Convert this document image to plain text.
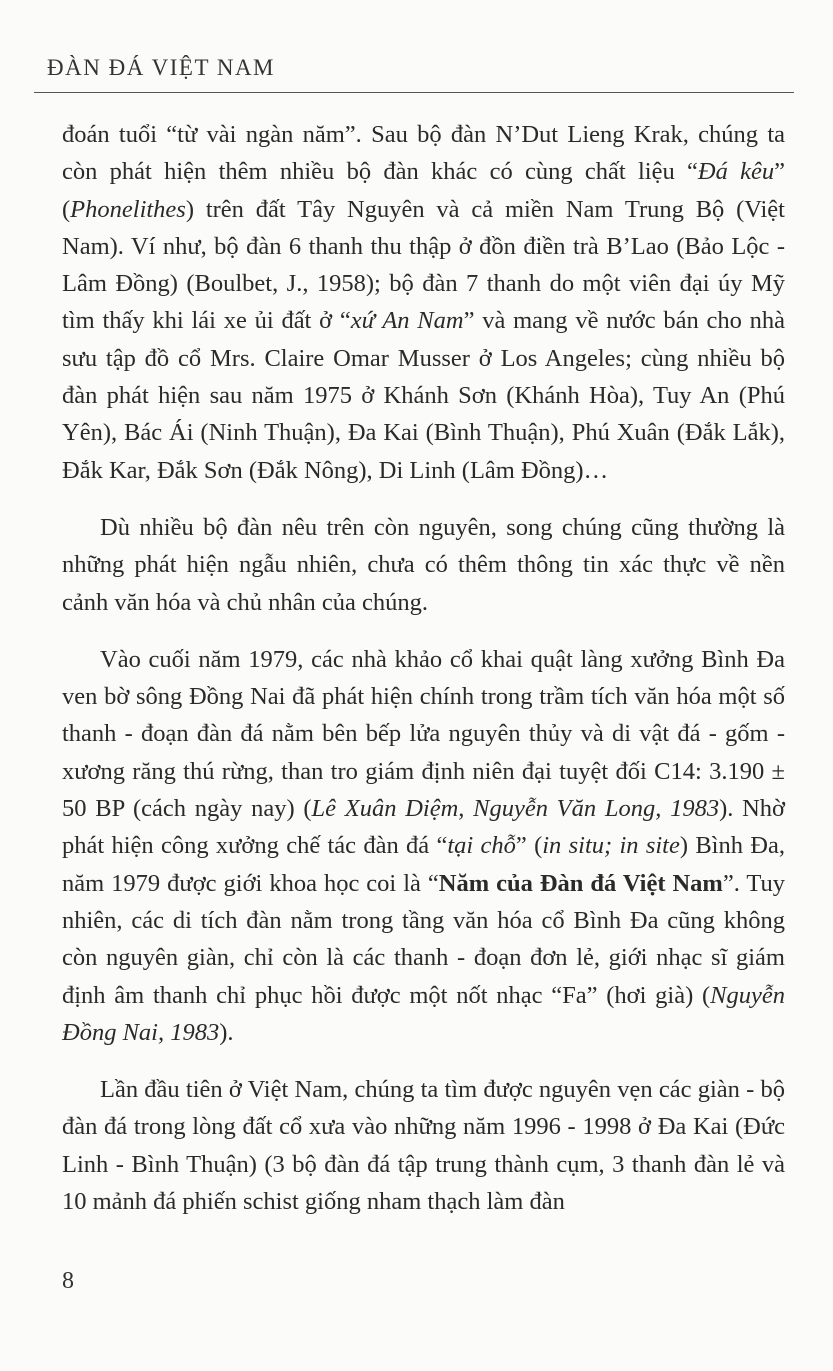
ĐÀN ĐÁ VIỆT NAM

đoán tuổi “từ vài ngàn năm”. Sau bộ đàn N’Dut Lieng Krak, chúng ta còn phát hiện thêm nhiều bộ đàn khác có cùng chất liệu “Đá kêu” (Phonelithes) trên đất Tây Nguyên và cả miền Nam Trung Bộ (Việt Nam). Ví như, bộ đàn 6 thanh thu thập ở đồn điền trà B’Lao (Bảo Lộc - Lâm Đồng) (Boulbet, J., 1958); bộ đàn 7 thanh do một viên đại úy Mỹ tìm thấy khi lái xe ủi đất ở “xứ An Nam” và mang về nước bán cho nhà sưu tập đồ cổ Mrs. Claire Omar Musser ở Los Angeles; cùng nhiều bộ đàn phát hiện sau năm 1975 ở Khánh Sơn (Khánh Hòa), Tuy An (Phú Yên), Bác Ái (Ninh Thuận), Đa Kai (Bình Thuận), Phú Xuân (Đắk Lắk), Đắk Kar, Đắk Sơn (Đắk Nông), Di Linh (Lâm Đồng)…

Dù nhiều bộ đàn nêu trên còn nguyên, song chúng cũng thường là những phát hiện ngẫu nhiên, chưa có thêm thông tin xác thực về nền cảnh văn hóa và chủ nhân của chúng.

Vào cuối năm 1979, các nhà khảo cổ khai quật làng xưởng Bình Đa ven bờ sông Đồng Nai đã phát hiện chính trong trầm tích văn hóa một số thanh - đoạn đàn đá nằm bên bếp lửa nguyên thủy và di vật đá - gốm - xương răng thú rừng, than tro giám định niên đại tuyệt đối C14: 3.190 ± 50 BP (cách ngày nay) (Lê Xuân Diệm, Nguyễn Văn Long, 1983). Nhờ phát hiện công xưởng chế tác đàn đá “tại chỗ” (in situ; in site) Bình Đa, năm 1979 được giới khoa học coi là “Năm của Đàn đá Việt Nam”. Tuy nhiên, các di tích đàn nằm trong tầng văn hóa cổ Bình Đa cũng không còn nguyên giàn, chỉ còn là các thanh - đoạn đơn lẻ, giới nhạc sĩ giám định âm thanh chỉ phục hồi được một nốt nhạc “Fa” (hơi già) (Nguyễn Đồng Nai, 1983).

Lần đầu tiên ở Việt Nam, chúng ta tìm được nguyên vẹn các giàn - bộ đàn đá trong lòng đất cổ xưa vào những năm 1996 - 1998 ở Đa Kai (Đức Linh - Bình Thuận) (3 bộ đàn đá tập trung thành cụm, 3 thanh đàn lẻ và 10 mảnh đá phiến schist giống nham thạch làm đàn

8
